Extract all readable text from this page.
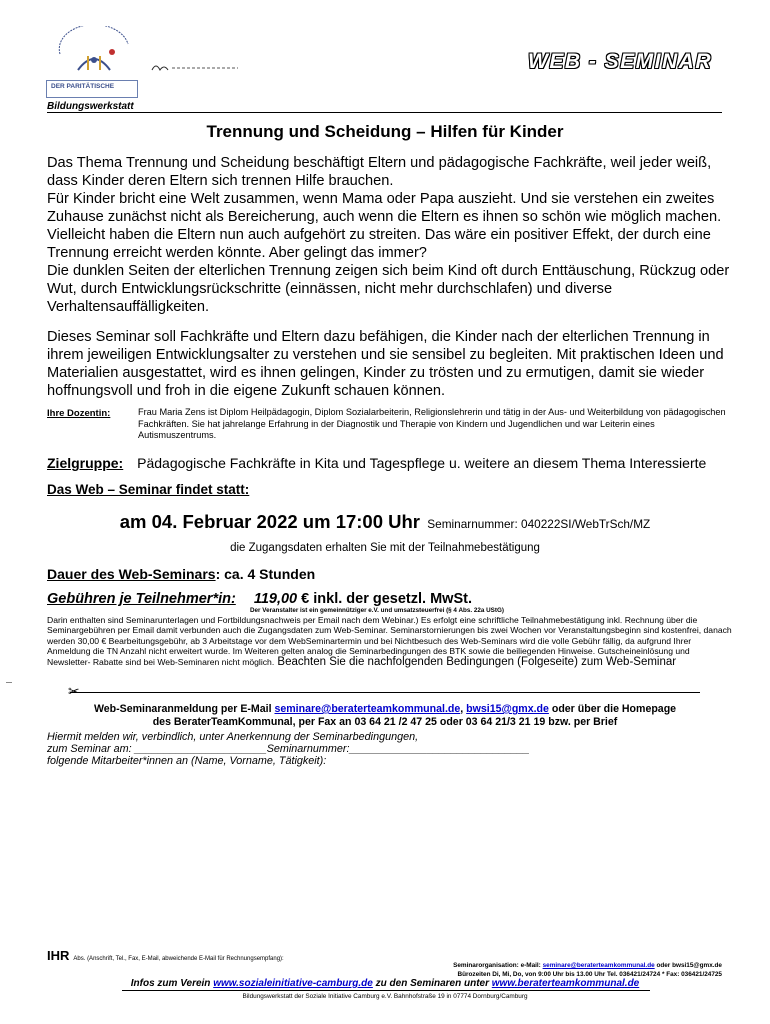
DER PARITÄTISCHE
WEB - SEMINAR
Bildungswerkstatt
Trennung und Scheidung – Hilfen für Kinder

Das Thema Trennung und Scheidung beschäftigt Eltern und pädagogische Fachkräfte, weil jeder weiß, dass Kinder deren Eltern sich trennen Hilfe brauchen.

Für Kinder bricht eine Welt zusammen, wenn Mama oder Papa auszieht. Und sie verstehen ein zweites Zuhause zunächst nicht als Bereicherung, auch wenn die Eltern es ihnen so schön wie möglich machen. Vielleicht haben die Eltern nun auch aufgehört zu streiten. Das wäre ein positiver Effekt, der durch eine Trennung erreicht werden könnte. Aber gelingt das immer?

Die dunklen Seiten der elterlichen Trennung zeigen sich beim Kind oft durch Enttäuschung, Rückzug oder Wut, durch Entwicklungsrückschritte (einnässen, nicht mehr durchschlafen) und diverse Verhaltensauffälligkeiten.

Dieses Seminar soll Fachkräfte und Eltern dazu befähigen, die Kinder nach der elterlichen Trennung in ihrem jeweiligen Entwicklungsalter zu verstehen und sie sensibel zu begleiten. Mit praktischen Ideen und Materialien ausgestattet, wird es ihnen gelingen, Kinder zu trösten und zu ermutigen, damit sie wieder hoffnungsvoll und froh in die eigene Zukunft schauen können.

Ihre Dozentin:	Frau Maria Zens ist Diplom Heilpädagogin, Diplom Sozialarbeiterin, Religionslehrerin und tätig in der Aus- und Weiterbildung von pädagogischen Fachkräften. Sie hat jahrelange Erfahrung in der Diagnostik und Therapie von Kindern und Jugendlichen und war Leiterin eines Autismuszentrums.
Zielgruppe: Pädagogische Fachkräfte in Kita und Tagespflege u. weitere an diesem Thema Interessierte
Das Web – Seminar findet statt:
am 04. Februar 2022 um 17:00 Uhr Seminarnummer: 040222SI/WebTrSch/MZ
die Zugangsdaten erhalten Sie mit der Teilnahmebestätigung
Dauer des Web-Seminars: ca. 4 Stunden
Gebühren je Teilnehmer*in: 119,00 € inkl. der gesetzl. MwSt.
Der Veranstalter ist ein gemeinnütziger e.V. und umsatzsteuerfrei (§ 4 Abs. 22a UStG)
Darin enthalten sind Seminarunterlagen und Fortbildungsnachweis per Email nach dem Webinar.) Es erfolgt eine schriftliche Teilnahmebestätigung inkl. Rechnung über die Seminargebühren per Email damit verbunden auch die Zugangsdaten zum Web-Seminar. Seminarstornierungen bis zwei Wochen vor Veranstaltungsbeginn sind kostenfrei, danach werden 30,00 € Bearbeitungsgebühr, ab 3 Arbeitstage vor dem WebSeminartermin und bei Nichtbesuch des Web-Seminars wird die volle Gebühr fällig, da aufgrund Ihrer Anmeldung die TN Anzahl nicht erweitert wurde. Im Weiteren gelten analog die Seminarbedingungen des BTK sowie die beiliegenden Hinweise. Gutscheineinlösung und Newsletter- Rabatte sind bei Web-Seminaren nicht möglich. Beachten Sie die nachfolgenden Bedingungen (Folgeseite) zum Web-Seminar
✂
Web-Seminaranmeldung per E-Mail seminare@beraterteamkommunal.de, bwsi15@gmx.de oder über die Homepage
des BeraterTeamKommunal, per Fax an 03 64 21 /2 47 25 oder 03 64 21/3 21 19 bzw. per Brief
Hiermit melden wir, verbindlich, unter Anerkennung der Seminarbedingungen,
zum Seminar am: ______________________Seminarnummer:______________________________
folgende Mitarbeiter*innen an (Name, Vorname, Tätigkeit):
IHR Abs. (Anschrift, Tel., Fax, E-Mail, abweichende E-Mail für Rechnungsempfang):
Seminarorganisation: e-Mail: seminare@beraterteamkommunal.de oder bwsi15@gmx.de
Bürozeiten Di, Mi, Do, von 9:00 Uhr bis 13.00 Uhr Tel. 036421/24724 * Fax: 036421/24725
Infos zum Verein www.sozialeinitiative-camburg.de zu den Seminaren unter www.beraterteamkommunal.de
Bildungswerkstatt der Soziale Initiative Camburg e.V. Bahnhofstraße 19 in 07774 Dornburg/Camburg
